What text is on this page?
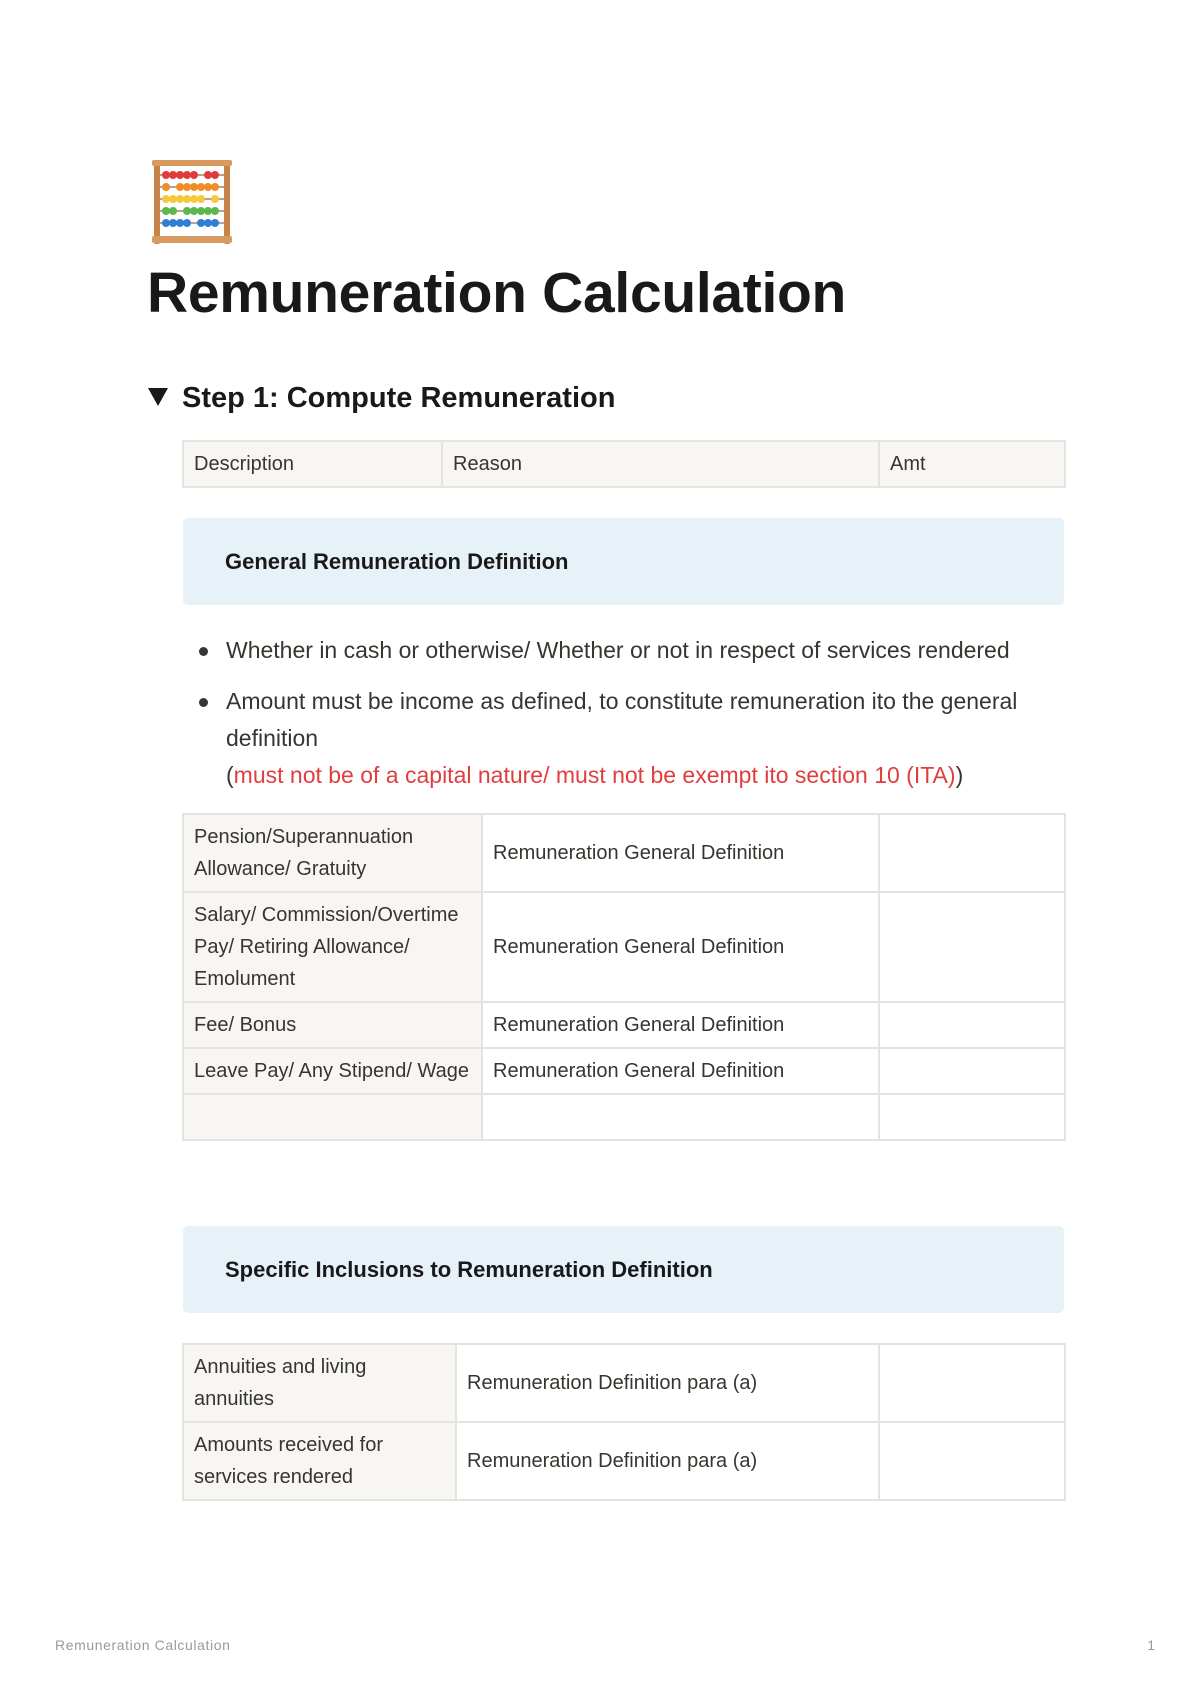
Remuneration Calculation
Step 1: Compute Remuneration
Description	Reason	Amt
General Remuneration Definition
Whether in cash or otherwise/ Whether or not in respect of services rendered
Amount must be income as defined, to constitute remuneration ito the general definition
(must not be of a capital nature/ must not be exempt ito section 10 (ITA))
Pension/Superannuation Allowance/ Gratuity	Remuneration General Definition	
Salary/ Commission/Overtime Pay/ Retiring Allowance/ Emolument	Remuneration General Definition	
Fee/ Bonus	Remuneration General Definition	
Leave Pay/ Any Stipend/ Wage	Remuneration General Definition	

Specific Inclusions to Remuneration Definition
Annuities and living annuities	Remuneration Definition para (a)	
Amounts received for services rendered	Remuneration Definition para (a)	
Remuneration Calculation	1
